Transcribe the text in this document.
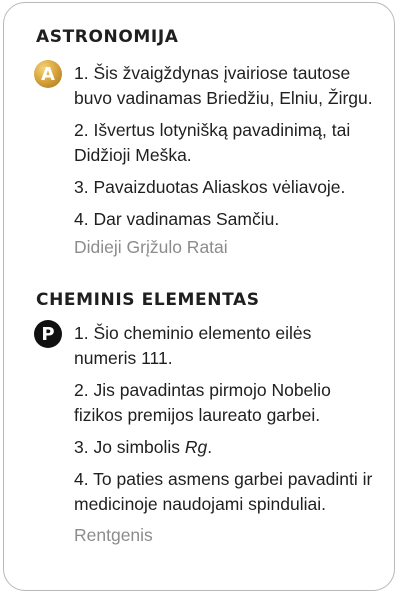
ASTRONOMIJA
A	1. Šis žvaigždynas įvairiose tautose buvo vadinamas Briedžiu, Elniu, Žirgu.
2. Išvertus lotynišką pavadinimą, tai Didžioji Meška.
3. Pavaizduotas Aliaskos vėliavoje.
4. Dar vadinamas Samčiu.
Didieji Grįžulo Ratai
CHEMINIS ELEMENTAS
P	1. Šio cheminio elemento eilės numeris 111.
2. Jis pavadintas pirmojo Nobelio fizikos premijos laureato garbei.
3. Jo simbolis Rg.
4. To paties asmens garbei pavadinti ir medicinoje naudojami spinduliai.
Rentgenis
